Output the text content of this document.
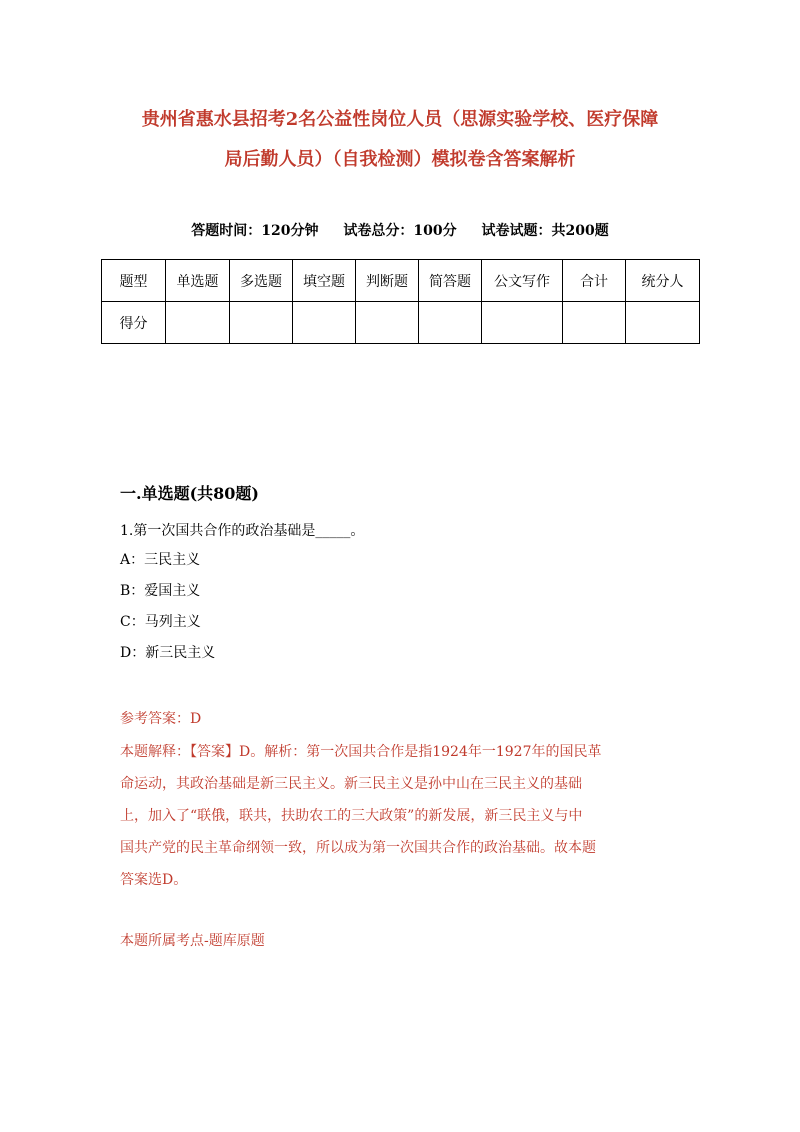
贵州省惠水县招考2名公益性岗位人员（思源实验学校、医疗保障
局后勤人员）（自我检测）模拟卷含答案解析
答题时间：120分钟 试卷总分：100分 试卷试题：共200题
题型	单选题	多选题	填空题	判断题	简答题	公文写作	合计	统分人
得分								
一.单选题(共80题)
1.第一次国共合作的政治基础是_____。
A：三民主义
B：爱国主义
C：马列主义
D：新三民主义
参考答案：D
本题解释：【答案】D。解析：第一次国共合作是指1924年一1927年的国民革
命运动，其政治基础是新三民主义。新三民主义是孙中山在三民主义的基础
上，加入了“联俄，联共，扶助农工的三大政策”的新发展，新三民主义与中
国共产党的民主革命纲领一致，所以成为第一次国共合作的政治基础。故本题
答案选D。
本题所属考点-题库原题
